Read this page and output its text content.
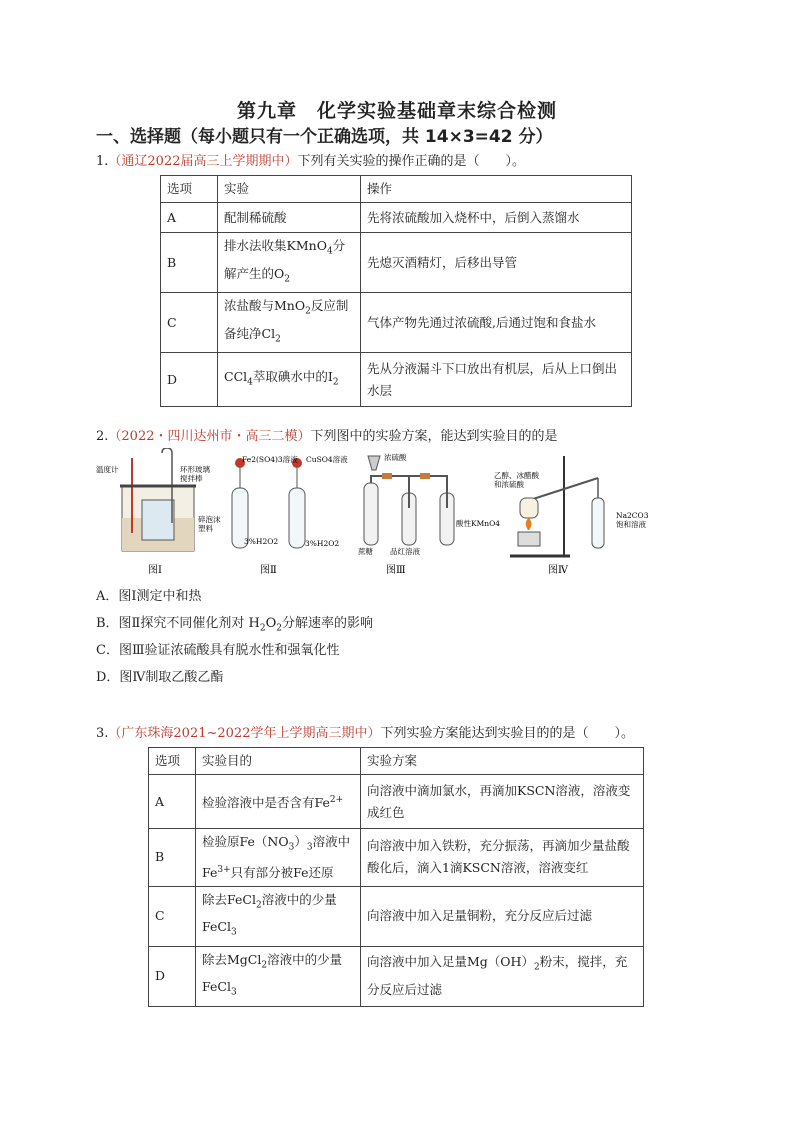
第九章　化学实验基础章末综合检测
一、选择题（每小题只有一个正确选项，共 14×3=42 分）
1.（通辽2022届高三上学期期中）下列有关实验的操作正确的是（　　）。
选项	实验	操作
A	配制稀硫酸	先将浓硫酸加入烧杯中，后倒入蒸馏水
B	排水法收集KMnO$_4$分解产生的$O_2$	先熄灭酒精灯，后移出导管
C	浓盐酸与MnO$_2$反应制备纯净$Cl_2$	气体产物先通过浓硫酸,后通过饱和食盐水
D	CCl$_4$萃取碘水中的$I_2$	先从分液漏斗下口放出有机层，后从上口倒出水层
2.（2022・四川达州市・高三二模）下列图中的实验方案，能达到实验目的的是
温度计	环形玻璃
搅拌棒
碎泡沫
塑料
Fe2(SO4)3溶液 CuSO4溶液
3%H2O2	3%H2O2
浓硫酸
蔗糖 品红溶液
酸性KMnO4
乙醇、冰醋酸
和浓硫酸
Na2CO3
饱和溶液
图Ⅰ	图Ⅱ	图Ⅲ	图Ⅳ
A．图Ⅰ测定中和热
B．图Ⅱ探究不同催化剂对 $H_2O_2$分解速率的影响
C．图Ⅲ验证浓硫酸具有脱水性和强氧化性
D．图Ⅳ制取乙酸乙酯
3.（广东珠海2021~2022学年上学期高三期中）下列实验方案能达到实验目的的是（　　）。
选项	实验目的	实验方案
A	检验溶液中是否含有$Fe^{2+}$	向溶液中滴加氯水，再滴加KSCN溶液，溶液变成红色
B	检验原$Fe(NO_3)_3$溶液中$Fe^{3+}$只有部分被Fe还原	向溶液中加入铁粉，充分振荡，再滴加少量盐酸酸化后，滴入1滴KSCN溶液，溶液变红
C	除去FeCl$_2$溶液中的少量FeCl$_3$	向溶液中加入足量铜粉，充分反应后过滤
D	除去MgCl$_2$溶液中的少量FeCl$_3$	向溶液中加入足量$Mg(OH)_2$粉末，搅拌，充分反应后过滤
